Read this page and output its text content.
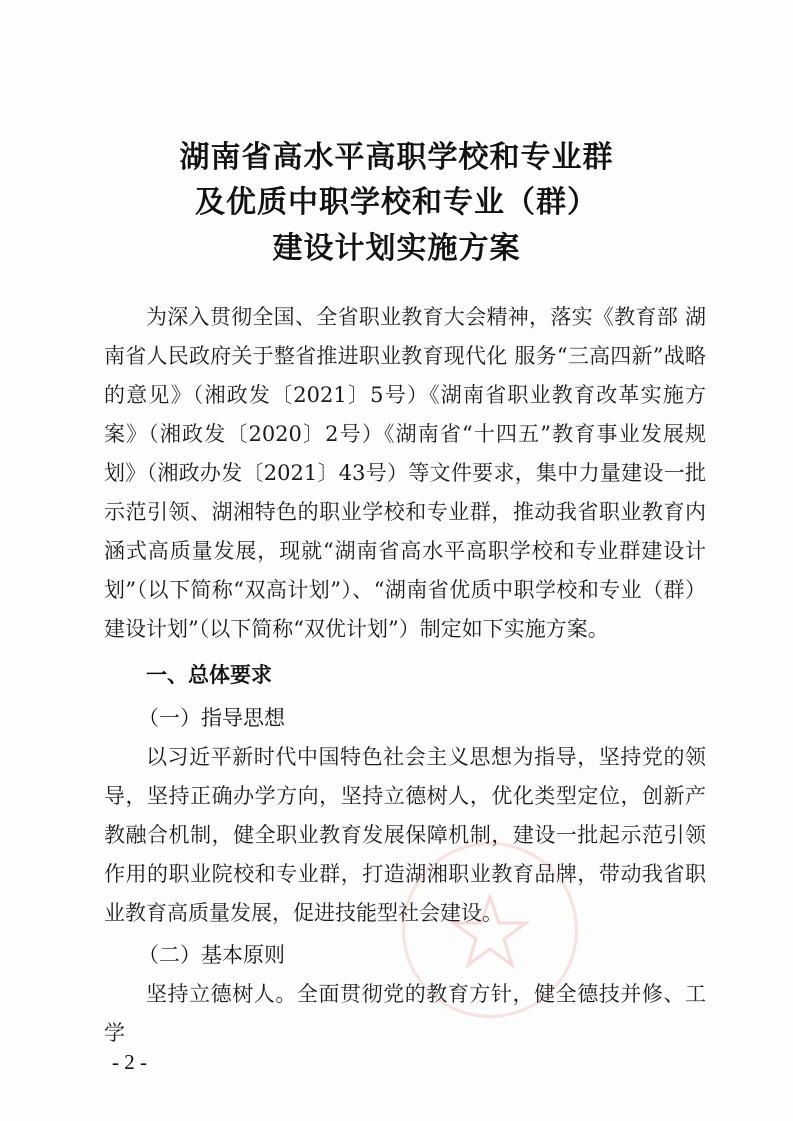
湖南省高水平高职学校和专业群
及优质中职学校和专业（群）
建设计划实施方案

为深入贯彻全国、全省职业教育大会精神，落实《教育部 湖南省人民政府关于整省推进职业教育现代化 服务“三高四新”战略的意见》（湘政发〔2021〕5号）《湖南省职业教育改革实施方案》（湘政发〔2020〕2号）《湖南省“十四五”教育事业发展规划》（湘政办发〔2021〕43号）等文件要求，集中力量建设一批示范引领、湖湘特色的职业学校和专业群，推动我省职业教育内涵式高质量发展，现就“湖南省高水平高职学校和专业群建设计划”（以下简称“双高计划”）、“湖南省优质中职学校和专业（群）建设计划”（以下简称“双优计划”）制定如下实施方案。

一、总体要求

（一）指导思想

以习近平新时代中国特色社会主义思想为指导，坚持党的领导，坚持正确办学方向，坚持立德树人，优化类型定位，创新产教融合机制，健全职业教育发展保障机制，建设一批起示范引领作用的职业院校和专业群，打造湖湘职业教育品牌，带动我省职业教育高质量发展，促进技能型社会建设。

（二）基本原则

坚持立德树人。全面贯彻党的教育方针，健全德技并修、工学

- 2 -
